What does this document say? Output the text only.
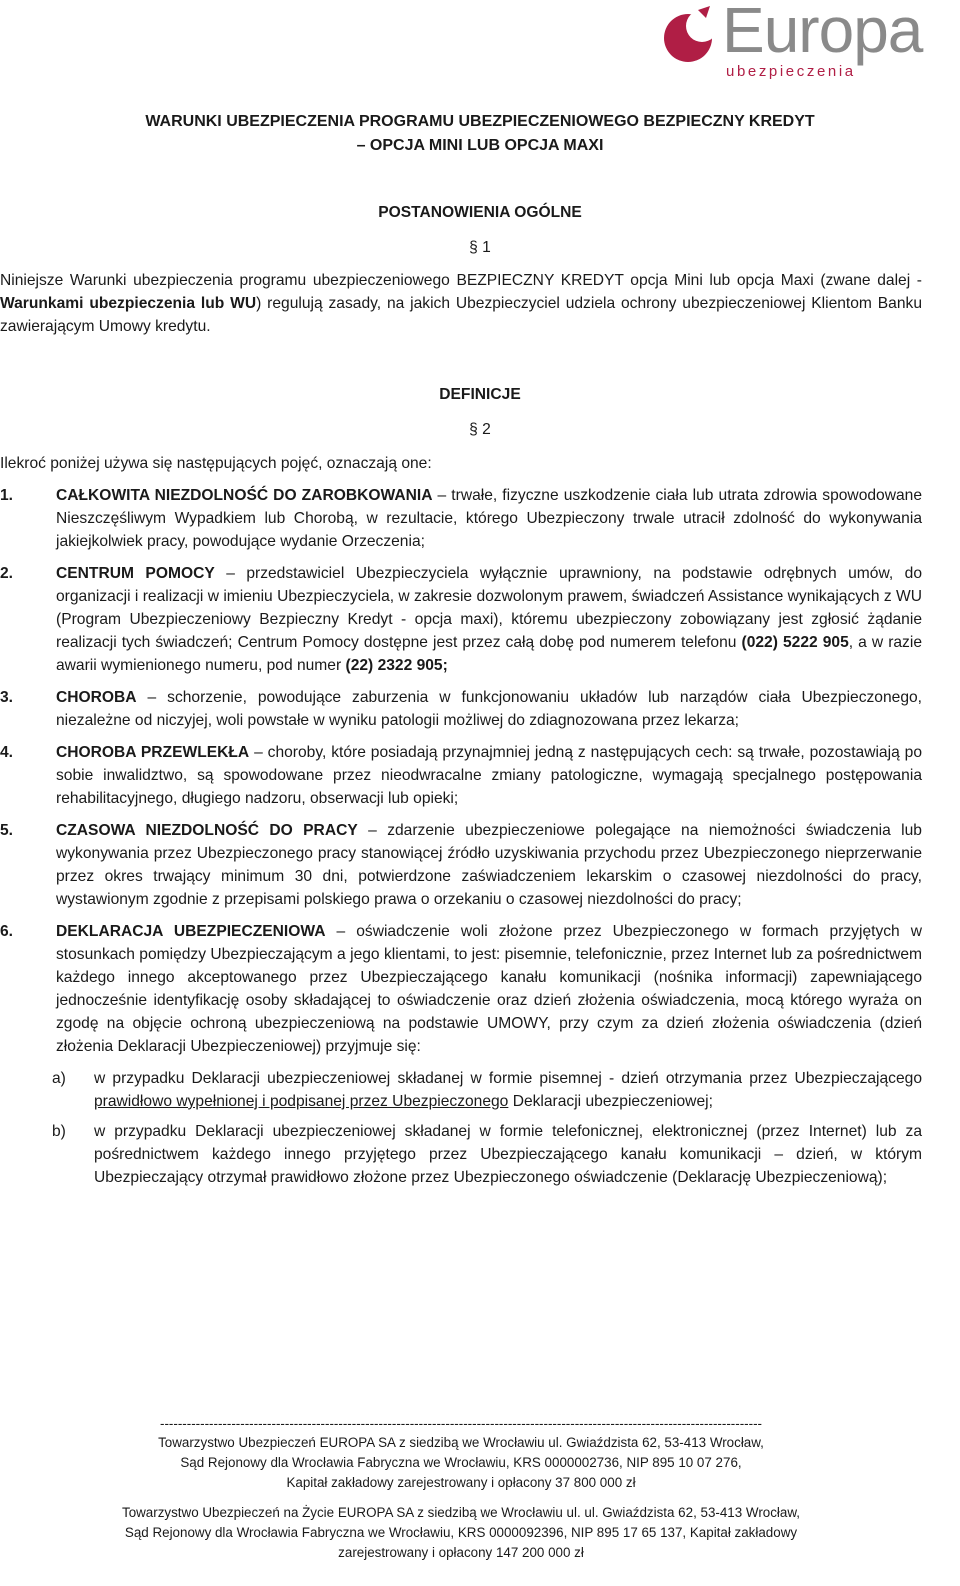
Europa
ubezpieczenia
WARUNKI UBEZPIECZENIA PROGRAMU UBEZPIECZENIOWEGO BEZPIECZNY KREDYT
– OPCJA MINI LUB OPCJA MAXI
POSTANOWIENIA OGÓLNE
§ 1
Niniejsze Warunki ubezpieczenia programu ubezpieczeniowego BEZPIECZNY KREDYT opcja Mini lub opcja Maxi (zwane dalej - Warunkami ubezpieczenia lub WU) regulują zasady, na jakich Ubezpieczyciel udziela ochrony ubezpieczeniowej Klientom Banku zawierającym Umowy kredytu.
DEFINICJE
§ 2
Ilekroć poniżej używa się następujących pojęć, oznaczają one:
1.	CAŁKOWITA NIEZDOLNOŚĆ DO ZAROBKOWANIA – trwałe, fizyczne uszkodzenie ciała lub utrata zdrowia spowodowane Nieszczęśliwym Wypadkiem lub Chorobą, w rezultacie, którego Ubezpieczony trwale utracił zdolność do wykonywania jakiejkolwiek pracy, powodujące wydanie Orzeczenia;
2.	CENTRUM POMOCY – przedstawiciel Ubezpieczyciela wyłącznie uprawniony, na podstawie odrębnych umów, do organizacji i realizacji w imieniu Ubezpieczyciela, w zakresie dozwolonym prawem, świadczeń Assistance wynikających z WU (Program Ubezpieczeniowy Bezpieczny Kredyt - opcja maxi), któremu ubezpieczony zobowiązany jest zgłosić żądanie realizacji tych świadczeń; Centrum Pomocy dostępne jest przez całą dobę pod numerem telefonu (022) 5222 905, a w razie awarii wymienionego numeru, pod numer (22) 2322 905;
3.	CHOROBA – schorzenie, powodujące zaburzenia w funkcjonowaniu układów lub narządów ciała Ubezpieczonego, niezależne od niczyjej, woli powstałe w wyniku patologii możliwej do zdiagnozowana przez lekarza;
4.	CHOROBA PRZEWLEKŁA – choroby, które posiadają przynajmniej jedną z następujących cech: są trwałe, pozostawiają po sobie inwalidztwo, są spowodowane przez nieodwracalne zmiany patologiczne, wymagają specjalnego postępowania rehabilitacyjnego, długiego nadzoru, obserwacji lub opieki;
5.	CZASOWA NIEZDOLNOŚĆ DO PRACY – zdarzenie ubezpieczeniowe polegające na niemożności świadczenia lub wykonywania przez Ubezpieczonego pracy stanowiącej źródło uzyskiwania przychodu przez Ubezpieczonego nieprzerwanie przez okres trwający minimum 30 dni, potwierdzone zaświadczeniem lekarskim o czasowej niezdolności do pracy, wystawionym zgodnie z przepisami polskiego prawa o orzekaniu o czasowej niezdolności do pracy;
6.	DEKLARACJA UBEZPIECZENIOWA – oświadczenie woli złożone przez Ubezpieczonego w formach przyjętych w stosunkach pomiędzy Ubezpieczającym a jego klientami, to jest: pisemnie, telefonicznie, przez Internet lub za pośrednictwem każdego innego akceptowanego przez Ubezpieczającego kanału komunikacji (nośnika informacji) zapewniającego jednocześnie identyfikację osoby składającej to oświadczenie oraz dzień złożenia oświadczenia, mocą którego wyraża on zgodę na objęcie ochroną ubezpieczeniową na podstawie UMOWY, przy czym za dzień złożenia oświadczenia (dzień złożenia Deklaracji Ubezpieczeniowej) przyjmuje się:
a)	w przypadku Deklaracji ubezpieczeniowej składanej w formie pisemnej - dzień otrzymania przez Ubezpieczającego prawidłowo wypełnionej i podpisanej przez Ubezpieczonego Deklaracji ubezpieczeniowej;
b)	w przypadku Deklaracji ubezpieczeniowej składanej w formie telefonicznej, elektronicznej (przez Internet) lub za pośrednictwem każdego innego przyjętego przez Ubezpieczającego kanału komunikacji – dzień, w którym Ubezpieczający otrzymał prawidłowo złożone przez Ubezpieczonego oświadczenie (Deklarację Ubezpieczeniową);
---------------------------------------------------------------------------------------------------------------------------------------
Towarzystwo Ubezpieczeń EUROPA SA z siedzibą we Wrocławiu ul. Gwiaździsta 62, 53-413 Wrocław,
Sąd Rejonowy dla Wrocławia Fabryczna we Wrocławiu, KRS 0000002736, NIP 895 10 07 276,
Kapitał zakładowy zarejestrowany i opłacony 37 800 000 zł
Towarzystwo Ubezpieczeń na Życie EUROPA SA z siedzibą we Wrocławiu ul. ul. Gwiaździsta 62, 53-413 Wrocław,
Sąd Rejonowy dla Wrocławia Fabryczna we Wrocławiu, KRS 0000092396, NIP 895 17 65 137, Kapitał zakładowy
zarejestrowany i opłacony 147 200 000 zł
